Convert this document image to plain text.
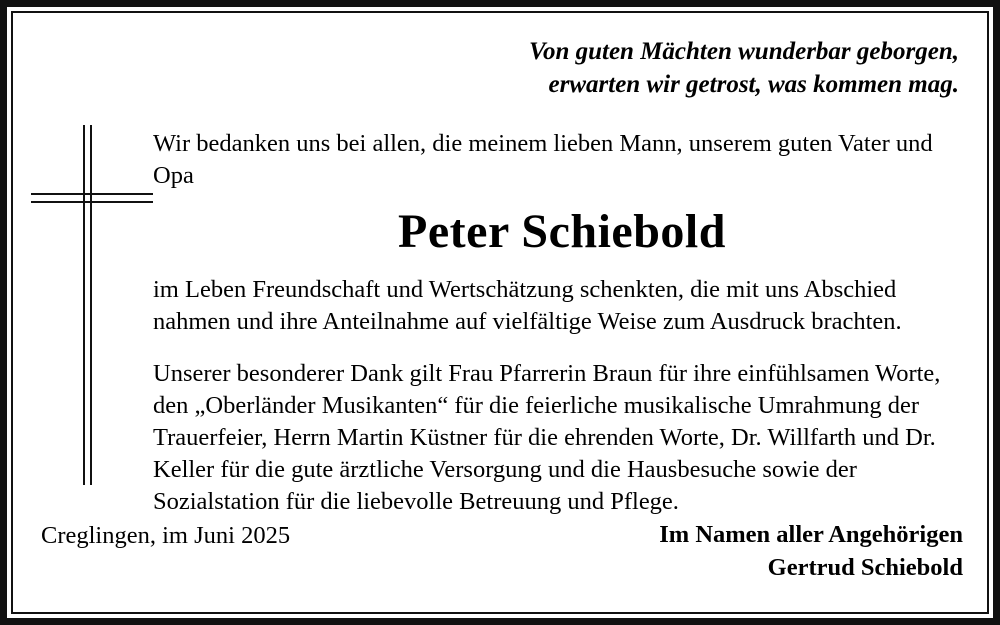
Von guten Mächten wunderbar geborgen,
erwarten wir getrost, was kommen mag.

Wir bedanken uns bei allen, die meinem lieben Mann, unserem guten Vater und Opa

Peter Schiebold

im Leben Freundschaft und Wertschätzung schenkten, die mit uns Abschied nahmen und ihre Anteilnahme auf vielfältige Weise zum Ausdruck brachten.

Unserer besonderer Dank gilt Frau Pfarrerin Braun für ihre einfühlsamen Worte, den „Oberländer Musikanten“ für die feierliche musikalische Umrahmung der Trauerfeier, Herrn Martin Küstner für die ehrenden Worte, Dr. Willfarth und Dr. Keller für die gute ärztliche Versorgung und die Hausbesuche sowie der Sozialstation für die liebevolle Betreuung und Pflege.

Creglingen, im Juni 2025	Im Namen aller Angehörigen
Gertrud Schiebold
